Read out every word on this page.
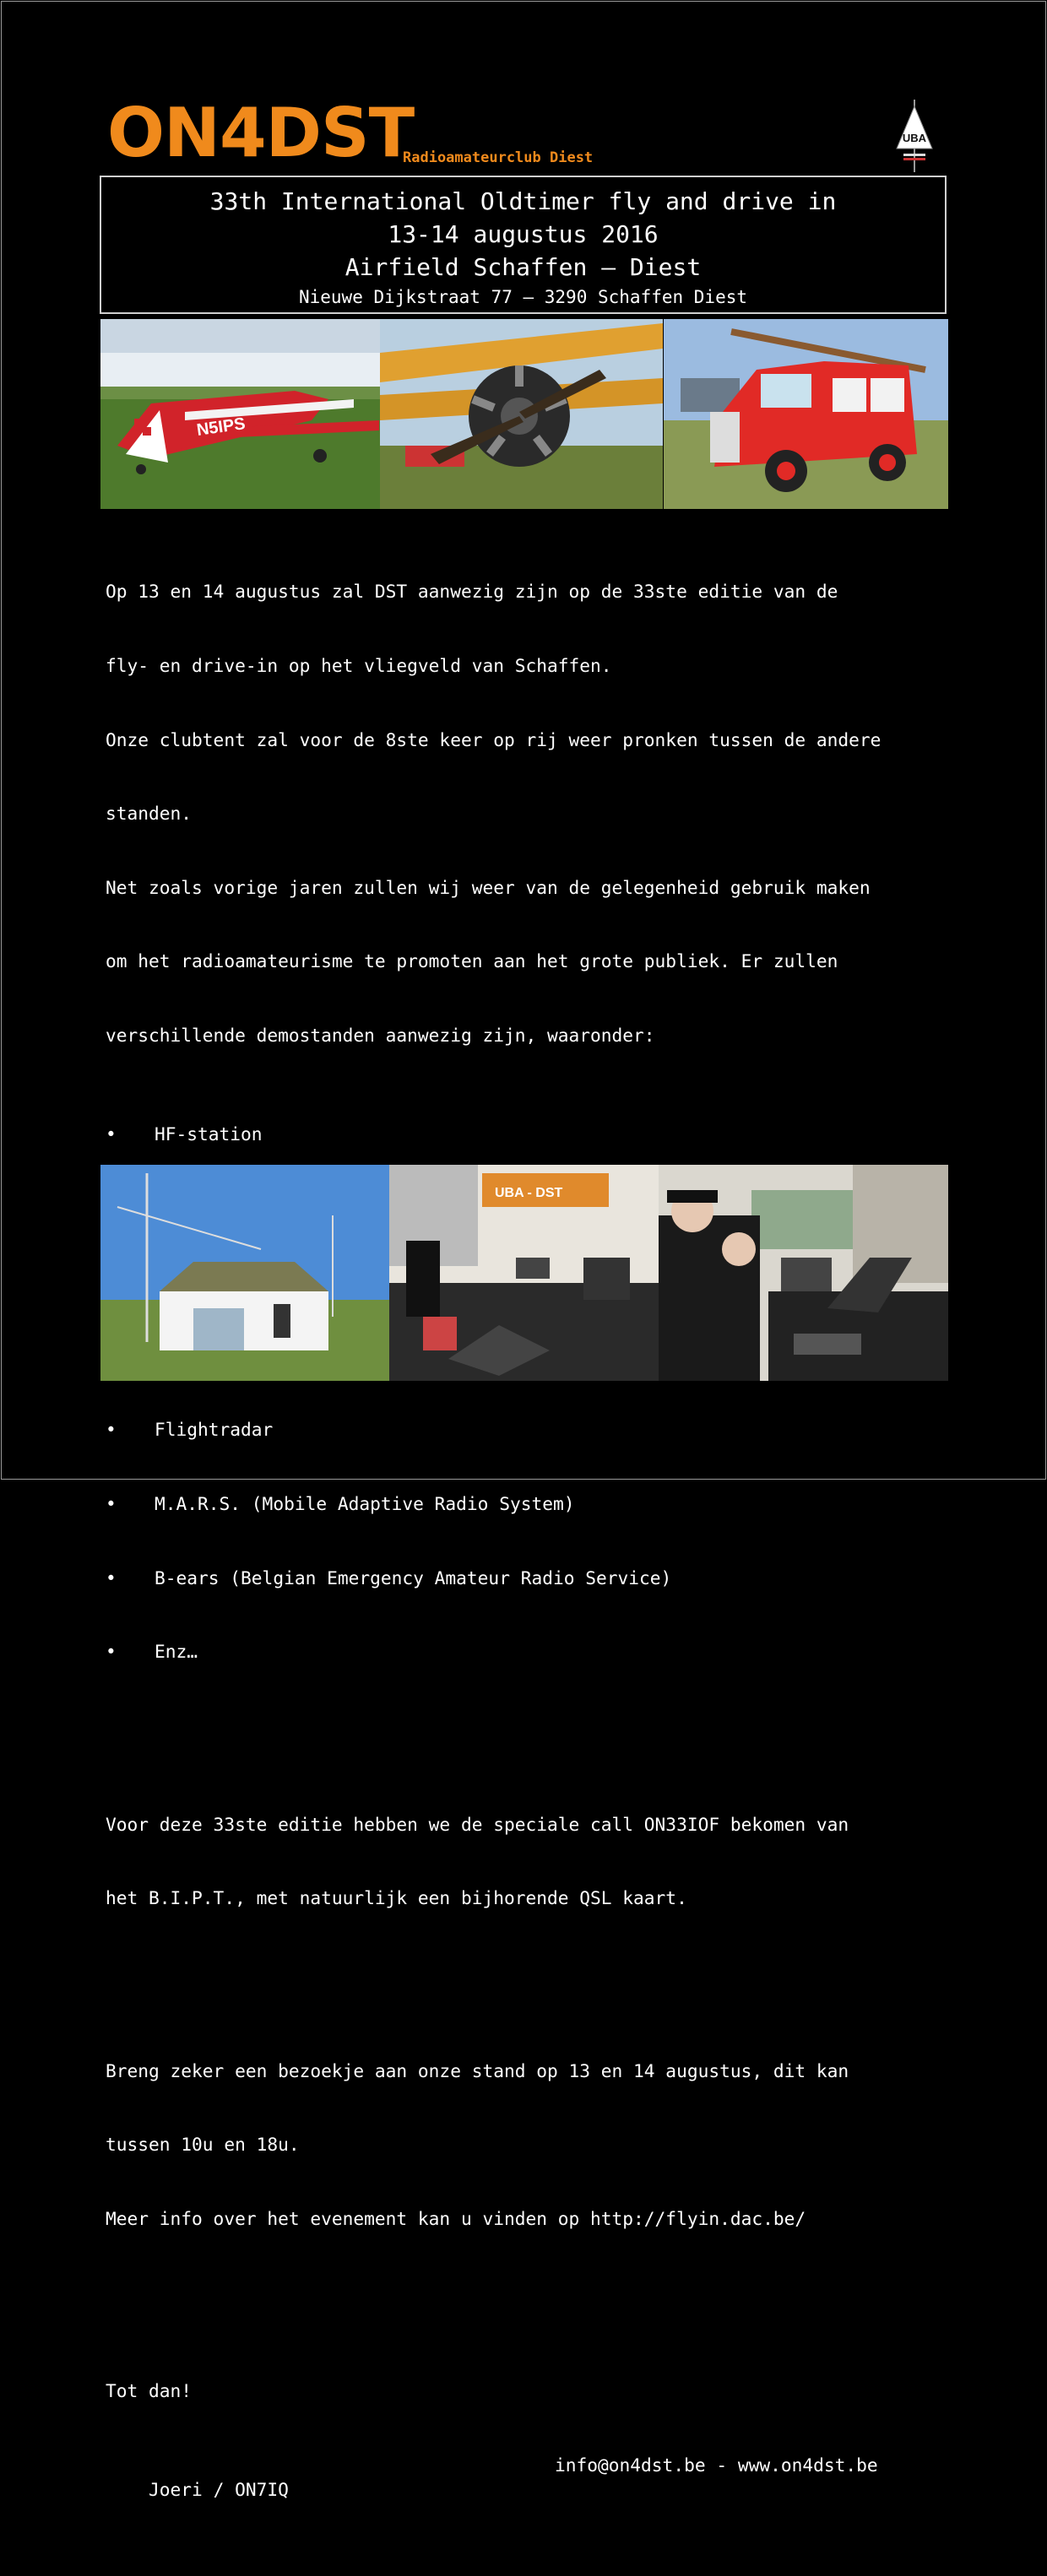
ON4DST
Radioamateurclub Diest
UBA
33th International Oldtimer fly and drive in
13-14 augustus 2016
Airfield Schaffen – Diest
Nieuwe Dijkstraat 77 – 3290 Schaffen Diest
N5IPS

Op 13 en 14 augustus zal DST aanwezig zijn op de 33ste editie van de

fly- en drive-in op het vliegveld van Schaffen.

Onze clubtent zal voor de 8ste keer op rij weer pronken tussen de andere

standen.

Net zoals vorige jaren zullen wij weer van de gelegenheid gebruik maken

om het radioamateurisme te promoten aan het grote publiek. Er zullen

verschillende demostanden aanwezig zijn, waaronder:

•	HF-station

•	Flightradar

•	M.A.R.S. (Mobile Adaptive Radio System)

•	B-ears (Belgian Emergency Amateur Radio Service)

•	Enz…

Voor deze 33ste editie hebben we de speciale call ON33IOF bekomen van

het B.I.P.T., met natuurlijk een bijhorende QSL kaart.

Breng zeker een bezoekje aan onze stand op 13 en 14 augustus, dit kan

tussen 10u en 18u.

Meer info over het evenement kan u vinden op http://flyin.dac.be/

Tot dan!

Joeri / ON7IQ

info@on4dst.be - www.on4dst.be

UBA - DST
